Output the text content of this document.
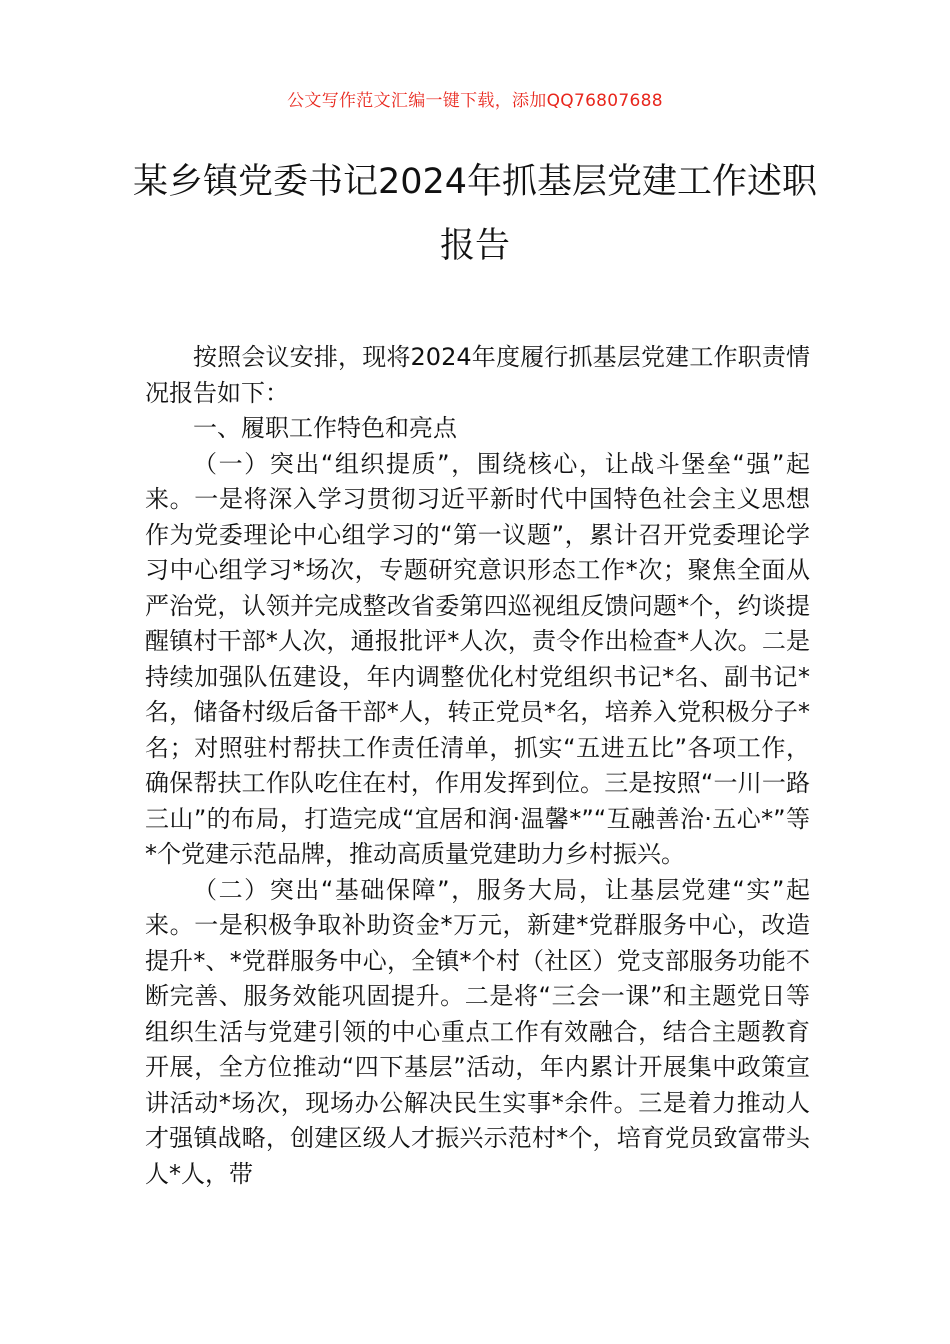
公文写作范文汇编一键下载，添加QQ76807688
某乡镇党委书记2024年抓基层党建工作述职报告

按照会议安排，现将2024年度履行抓基层党建工作职责情况报告如下：

一、履职工作特色和亮点

（一）突出“组织提质”，围绕核心，让战斗堡垒“强”起来。一是将深入学习贯彻习近平新时代中国特色社会主义思想作为党委理论中心组学习的“第一议题”，累计召开党委理论学习中心组学习*场次，专题研究意识形态工作*次；聚焦全面从严治党，认领并完成整改省委第四巡视组反馈问题*个，约谈提醒镇村干部*人次，通报批评*人次，责令作出检查*人次。二是持续加强队伍建设，年内调整优化村党组织书记*名、副书记*名，储备村级后备干部*人，转正党员*名，培养入党积极分子*名；对照驻村帮扶工作责任清单，抓实“五进五比”各项工作，确保帮扶工作队吃住在村，作用发挥到位。三是按照“一川一路三山”的布局，打造完成“宜居和润·温馨*”“互融善治·五心*”等*个党建示范品牌，推动高质量党建助力乡村振兴。

（二）突出“基础保障”，服务大局，让基层党建“实”起来。一是积极争取补助资金*万元，新建*党群服务中心，改造提升*、*党群服务中心，全镇*个村（社区）党支部服务功能不断完善、服务效能巩固提升。二是将“三会一课”和主题党日等组织生活与党建引领的中心重点工作有效融合，结合主题教育开展，全方位推动“四下基层”活动，年内累计开展集中政策宣讲活动*场次，现场办公解决民生实事*余件。三是着力推动人才强镇战略，创建区级人才振兴示范村*个，培育党员致富带头人*人，带
